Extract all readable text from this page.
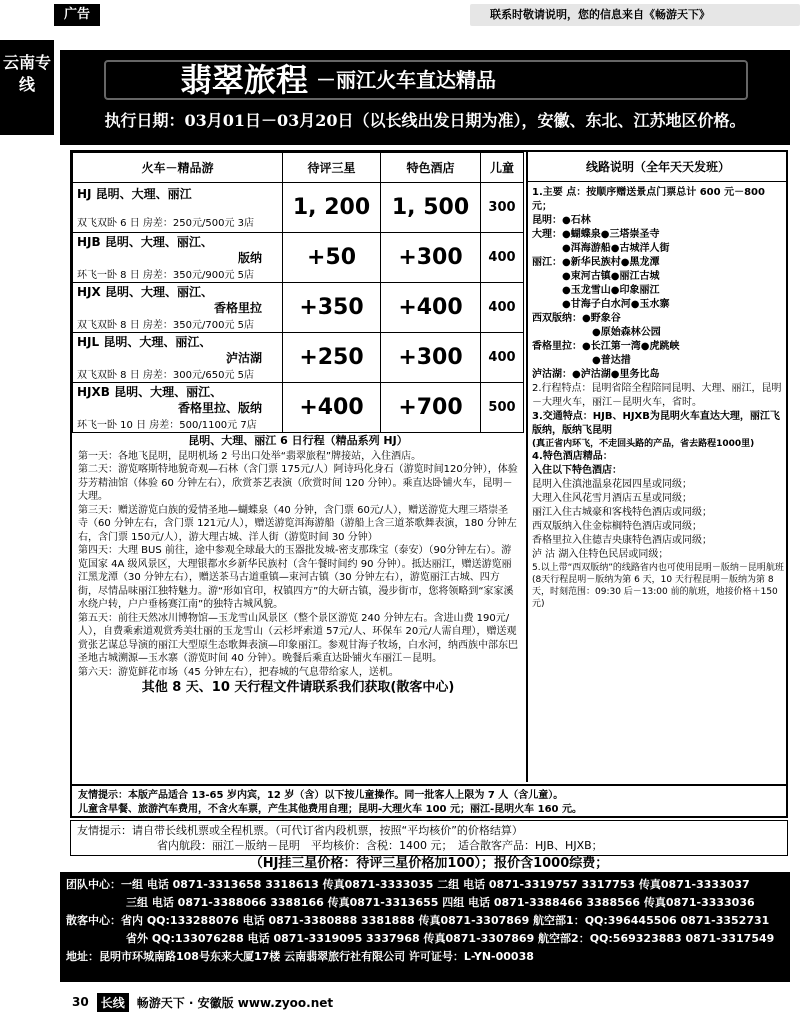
广告	联系时敬请说明，您的信息来自《畅游天下》
云南专线	翡翠旅程 －丽江火车直达精品
执行日期：03月01日－03月20日（以长线出发日期为准），安徽、东北、江苏地区价格。
火车－精品游	待评三星	特色酒店	儿童

HJ 昆明、大理、丽江
双飞双卧 6 日 房差：250元/500元 3店	1, 200	1, 500	300

HJB 昆明、大理、丽江、
版纳
环飞一卧 8 日 房差：350元/900元 5店	+50	+300	400

HJX 昆明、大理、丽江、
香格里拉
双飞双卧 8 日 房差：350元/700元 5店	+350	+400	400

HJL 昆明、大理、丽江、
泸沽湖
双飞双卧 8 日 房差：300元/650元 5店	+250	+300	400

HJXB 昆明、大理、丽江、
香格里拉、版纳
环飞一卧 10 日 房差：500/1100元 7店	+400	+700	500
昆明、大理、丽江 6 日行程（精品系列 HJ）
第一天：各地飞昆明，昆明机场 2 号出口处举“翡翠旅程”牌接站，入住酒店。
第二天：游览喀斯特地貌奇观—石林（含门票 175元/人）阿诗玛化身石（游览时间120分钟），体验芬芳精油馆（体验 60 分钟左右），欣赏茶艺表演（欣赏时间 120 分钟）。乘直达卧铺火车，昆明－大理。
第三天：赠送游览白族的爱情圣地—蝴蝶泉（40 分钟，含门票 60元/人），赠送游览大理三塔崇圣寺（60 分钟左右，含门票 121元/人），赠送游览洱海游船（游船上含三道茶歌舞表演，180 分钟左右，含门票 150元/人），游大理古城、洋人街（游览时间 30 分钟）
第四天：大理 BUS 前往，途中参观全球最大的玉器批发城-密支那珠宝（泰安）（90分钟左右）。游览国家 4A 级风景区，大理银都水乡新华民族村（含午餐时间约 90 分钟）。抵达丽江，赠送游览丽江黑龙潭（30 分钟左右），赠送茶马古道重镇—束河古镇（30 分钟左右），游览丽江古城、四方街，尽情品味丽江独特魅力。游“形如官印，权镇四方”的大研古镇，漫步街市，您将领略到“家家溪水绕户转，户户垂杨赛江南”的独特古城风貌。
第五天：前往天然冰川博物馆—玉龙雪山风景区（整个景区游览 240 分钟左右。含进山费 190元/人），自费乘索道观赏秀美壮丽的玉龙雪山（云杉坪索道 57元/人、环保车 20元/人需自理），赠送观赏张艺谋总导演的丽江大型原生态歌舞表演—印象丽江。参观甘海子牧场，白水河，纳西族中部东巴圣地古城溯源—玉水寨（游览时间 40 分钟）。晚餐后乘直达卧铺火车丽江－昆明。
第六天：游览鲜花市场（45 分钟左右），把春城的气息带给家人，送机。
其他 8 天、10 天行程文件请联系我们获取(散客中心)
线路说明（全年天天发班）
1.主要 点：按顺序赠送景点门票总计 600 元－800 元；
昆明：●石林
大理：●蝴蝶泉●三塔崇圣寺
●洱海游船●古城洋人街
丽江：●新华民族村●黑龙潭
●束河古镇●丽江古城
●玉龙雪山●印象丽江
●甘海子白水河●玉水寨
西双版纳：●野象谷
●原始森林公园
香格里拉：●长江第一湾●虎跳峡
●普达措
泸沽湖：●泸沽湖●里务比岛
2.行程特点：昆明省陪全程陪同昆明、大理、丽江，昆明－大理火车，丽江－昆明火车，省时。
3.交通特点：HJB、HJXB为昆明火车直达大理，丽江飞版纳，版纳飞昆明
(真正省内环飞，不走回头路的产品，省去路程1000里)
4.特色酒店精品：
入住以下特色酒店：
昆明入住滇池温泉花园四星或同级；
大理入住风花雪月酒店五星或同级；
丽江入住古城豪和客栈特色酒店或同级；
西双版纳入住金棕榈特色酒店或同级；
香格里拉入住德吉央康特色酒店或同级；
泸 沽 湖入住特色民居或同级；
5.以上带“西双版纳”的线路省内也可使用昆明－版纳－昆明航班(8天行程昆明－版纳为第 6 天，10 天行程昆明－版纳为第 8 天，时刻范围：09:30 后－13:00 前的航班，地接价格＋150元)
友情提示：本版产品适合 13-65 岁内宾，12 岁（含）以下按儿童操作。同一批客人上限为 7 人（含儿童）。
儿童含早餐、旅游汽车费用，不含火车票，产生其他费用自理；昆明-大理火车 100 元；丽江-昆明火车 160 元。
友情提示：请自带长线机票或全程机票。（可代订省内段机票，按照“平均核价”的价格结算）
省内航段：丽江－版纳－昆明　平均核价：含税：1400 元；　适合散客产品：HJB、HJXB；
（HJ挂三星价格：待评三星价格加100）；报价含1000综费；
团队中心：一组 电话 0871-3313658 3318613 传真0871-3333035 二组 电话 0871-3319757 3317753 传真0871-3333037
三组 电话 0871-3388066 3388166 传真0871-3313655 四组 电话 0871-3388466 3388566 传真0871-3333036
散客中心：省内 QQ:133288076 电话 0871-3380888 3381888 传真0871-3307869 航空部1：QQ:396445506 0871-3352731
省外 QQ:133076288 电话 0871-3319095 3337968 传真0871-3307869 航空部2：QQ:569323883 0871-3317549
地址：昆明市环城南路108号东来大厦17楼 云南翡翠旅行社有限公司 许可证号：L-YN-00038
30	长线	畅游天下 · 安徽版 www.zyoo.net
